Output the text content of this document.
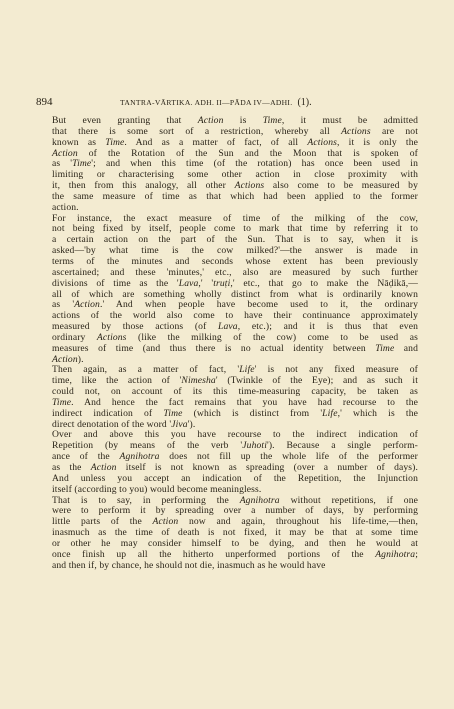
894	TANTRA-VĀRTIKA. ADH. II—PĀDA IV—ADHI. (1).
But even granting that Action is Time, it must be admitted
that there is some sort of a restriction, whereby all Actions are not
known as Time. And as a matter of fact, of all Actions, it is only the
Action of the Rotation of the Sun and the Moon that is spoken of
as 'Time'; and when this time (of the rotation) has once been used in
limiting or characterising some other action in close proximity with
it, then from this analogy, all other Actions also come to be measured by
the same measure of time as that which had been applied to the former
action.
For instance, the exact measure of time of the milking of the cow,
not being fixed by itself, people come to mark that time by referring it to
a certain action on the part of the Sun. That is to say, when it is
asked—'by what time is the cow milked?'—the answer is made in
terms of the minutes and seconds whose extent has been previously
ascertained; and these 'minutes,' etc., also are measured by such further
divisions of time as the 'Lava,' 'truṭi,' etc., that go to make the Nāḍikā,—
all of which are something wholly distinct from what is ordinarily known
as 'Action.' And when people have become used to it, the ordinary
actions of the world also come to have their continuance approximately
measured by those actions (of Lava, etc.); and it is thus that even
ordinary Actions (like the milking of the cow) come to be used as
measures of time (and thus there is no actual identity between Time and
Action).
Then again, as a matter of fact, 'Life' is not any fixed measure of
time, like the action of 'Nimesha' (Twinkle of the Eye); and as such it
could not, on account of its this time-measuring capacity, be taken as
Time. And hence the fact remains that you have had recourse to the
indirect indication of Time (which is distinct from 'Life,' which is the
direct denotation of the word 'Jiva').
Over and above this you have recourse to the indirect indication of
Repetition (by means of the verb 'Juhoti'). Because a single perform-
ance of the Agnihotra does not fill up the whole life of the performer
as the Action itself is not known as spreading (over a number of days).
And unless you accept an indication of the Repetition, the Injunction
itself (according to you) would become meaningless.
That is to say, in performing the Agnihotra without repetitions, if one
were to perform it by spreading over a number of days, by performing
little parts of the Action now and again, throughout his life-time,—then,
inasmuch as the time of death is not fixed, it may be that at some time
or other he may consider himself to be dying, and then he would at
once finish up all the hitherto unperformed portions of the Agnihotra;
and then if, by chance, he should not die, inasmuch as he would have
